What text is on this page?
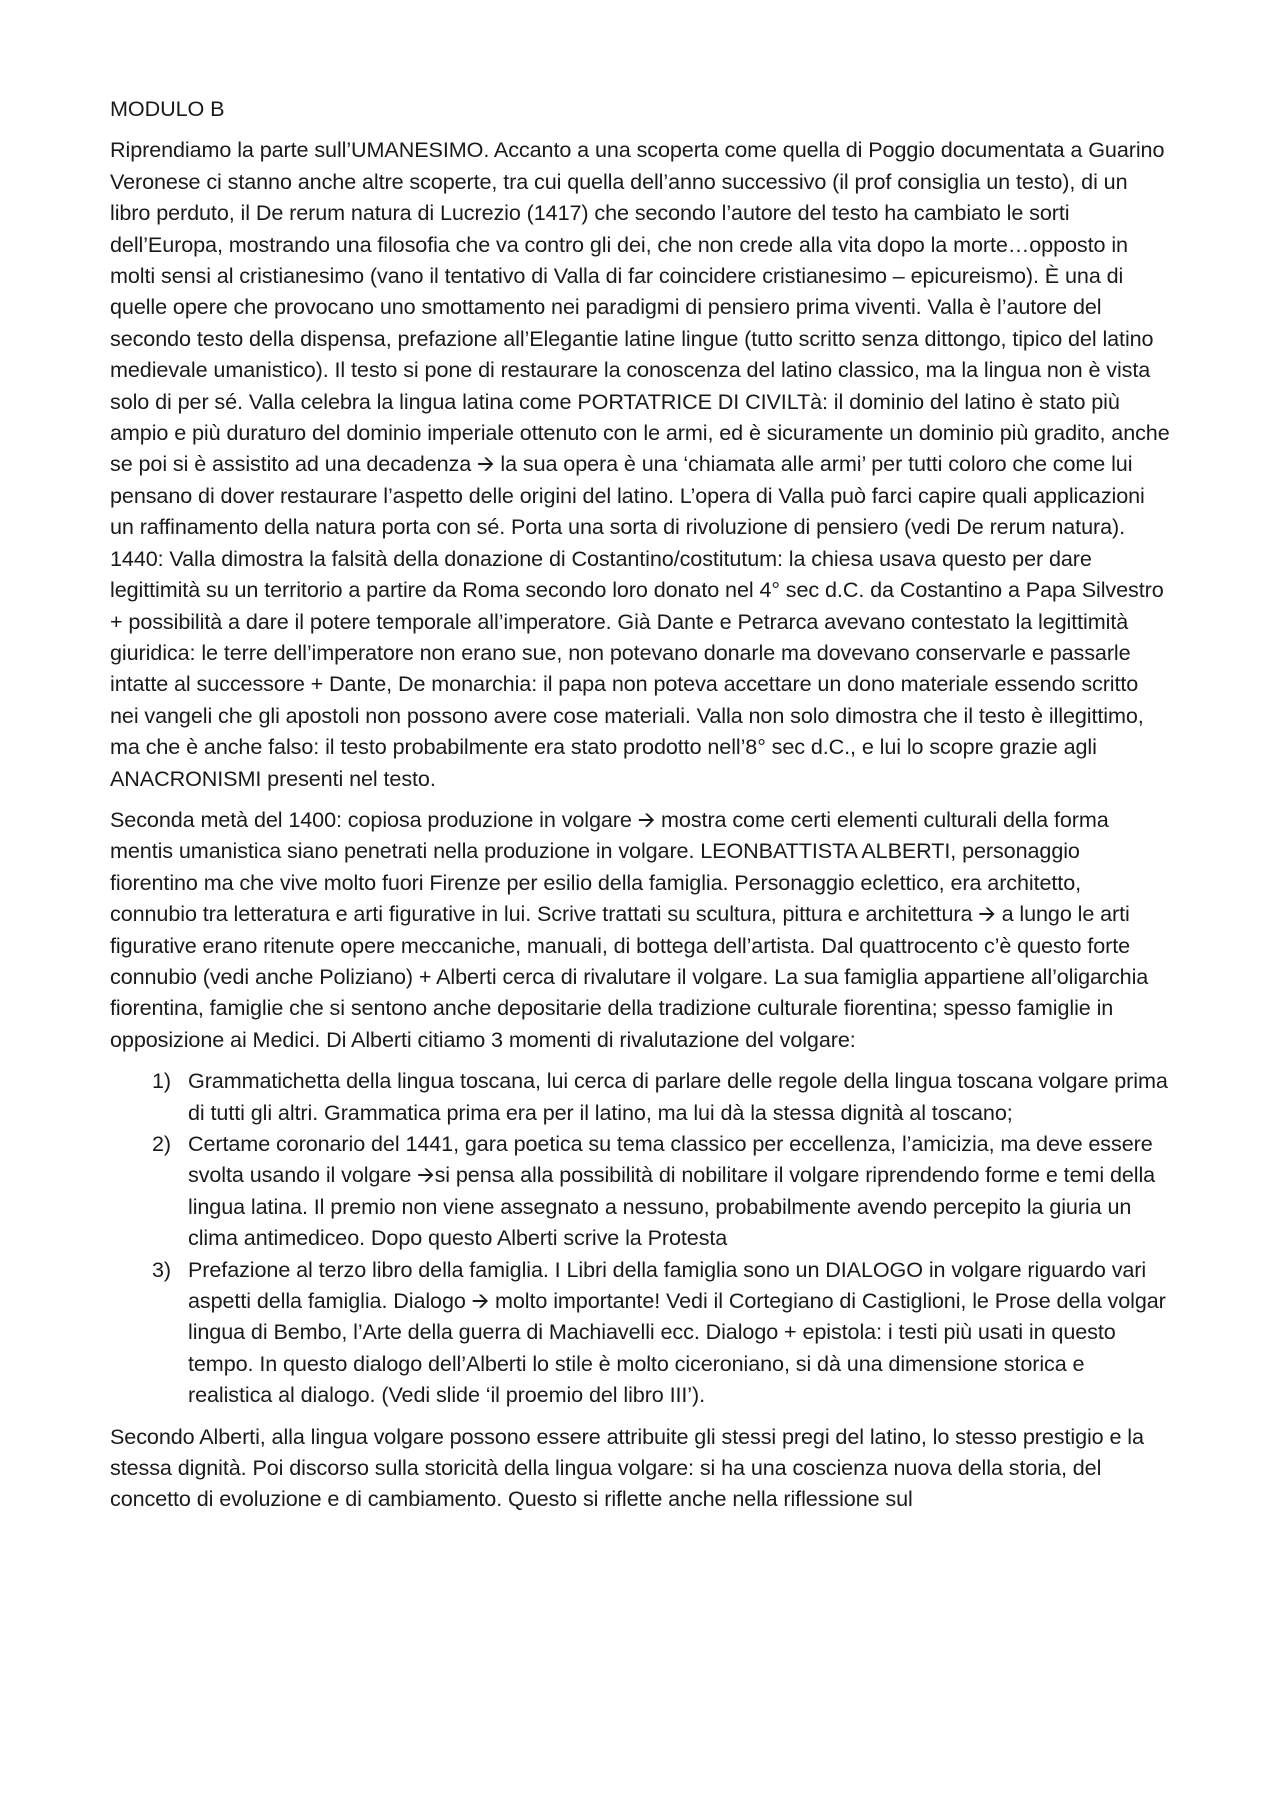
MODULO B

Riprendiamo la parte sull’UMANESIMO. Accanto a una scoperta come quella di Poggio documentata a Guarino Veronese ci stanno anche altre scoperte, tra cui quella dell’anno successivo (il prof consiglia un testo), di un libro perduto, il De rerum natura di Lucrezio (1417) che secondo l’autore del testo ha cambiato le sorti dell’Europa, mostrando una filosofia che va contro gli dei, che non crede alla vita dopo la morte…opposto in molti sensi al cristianesimo (vano il tentativo di Valla di far coincidere cristianesimo – epicureismo). È una di quelle opere che provocano uno smottamento nei paradigmi di pensiero prima viventi. Valla è l’autore del secondo testo della dispensa, prefazione all’Elegantie latine lingue (tutto scritto senza dittongo, tipico del latino medievale umanistico). Il testo si pone di restaurare la conoscenza del latino classico, ma la lingua non è vista solo di per sé. Valla celebra la lingua latina come PORTATRICE DI CIVILTà: il dominio del latino è stato più ampio e più duraturo del dominio imperiale ottenuto con le armi, ed è sicuramente un dominio più gradito, anche se poi si è assistito ad una decadenza 🡪 la sua opera è una ‘chiamata alle armi’ per tutti coloro che come lui pensano di dover restaurare l’aspetto delle origini del latino. L’opera di Valla può farci capire quali applicazioni un raffinamento della natura porta con sé. Porta una sorta di rivoluzione di pensiero (vedi De rerum natura). 1440: Valla dimostra la falsità della donazione di Costantino/costitutum: la chiesa usava questo per dare legittimità su un territorio a partire da Roma secondo loro donato nel 4° sec d.C. da Costantino a Papa Silvestro + possibilità a dare il potere temporale all’imperatore. Già Dante e Petrarca avevano contestato la legittimità giuridica: le terre dell’imperatore non erano sue, non potevano donarle ma dovevano conservarle e passarle intatte al successore + Dante, De monarchia: il papa non poteva accettare un dono materiale essendo scritto nei vangeli che gli apostoli non possono avere cose materiali. Valla non solo dimostra che il testo è illegittimo, ma che è anche falso: il testo probabilmente era stato prodotto nell’8° sec d.C., e lui lo scopre grazie agli ANACRONISMI presenti nel testo.

Seconda metà del 1400: copiosa produzione in volgare 🡪 mostra come certi elementi culturali della forma mentis umanistica siano penetrati nella produzione in volgare. LEONBATTISTA ALBERTI, personaggio fiorentino ma che vive molto fuori Firenze per esilio della famiglia. Personaggio eclettico, era architetto, connubio tra letteratura e arti figurative in lui. Scrive trattati su scultura, pittura e architettura 🡪 a lungo le arti figurative erano ritenute opere meccaniche, manuali, di bottega dell’artista. Dal quattrocento c’è questo forte connubio (vedi anche Poliziano) + Alberti cerca di rivalutare il volgare. La sua famiglia appartiene all’oligarchia fiorentina, famiglie che si sentono anche depositarie della tradizione culturale fiorentina; spesso famiglie in opposizione ai Medici. Di Alberti citiamo 3 momenti di rivalutazione del volgare:

1) Grammatichetta della lingua toscana, lui cerca di parlare delle regole della lingua toscana volgare prima di tutti gli altri. Grammatica prima era per il latino, ma lui dà la stessa dignità al toscano;
2) Certame coronario del 1441, gara poetica su tema classico per eccellenza, l’amicizia, ma deve essere svolta usando il volgare 🡪si pensa alla possibilità di nobilitare il volgare riprendendo forme e temi della lingua latina. Il premio non viene assegnato a nessuno, probabilmente avendo percepito la giuria un clima antimediceo. Dopo questo Alberti scrive la Protesta
3) Prefazione al terzo libro della famiglia. I Libri della famiglia sono un DIALOGO in volgare riguardo vari aspetti della famiglia. Dialogo 🡪 molto importante! Vedi il Cortegiano di Castiglioni, le Prose della volgar lingua di Bembo, l’Arte della guerra di Machiavelli ecc. Dialogo + epistola: i testi più usati in questo tempo. In questo dialogo dell’Alberti lo stile è molto ciceroniano, si dà una dimensione storica e realistica al dialogo. (Vedi slide ‘il proemio del libro III’).

Secondo Alberti, alla lingua volgare possono essere attribuite gli stessi pregi del latino, lo stesso prestigio e la stessa dignità. Poi discorso sulla storicità della lingua volgare: si ha una coscienza nuova della storia, del concetto di evoluzione e di cambiamento. Questo si riflette anche nella riflessione sul
